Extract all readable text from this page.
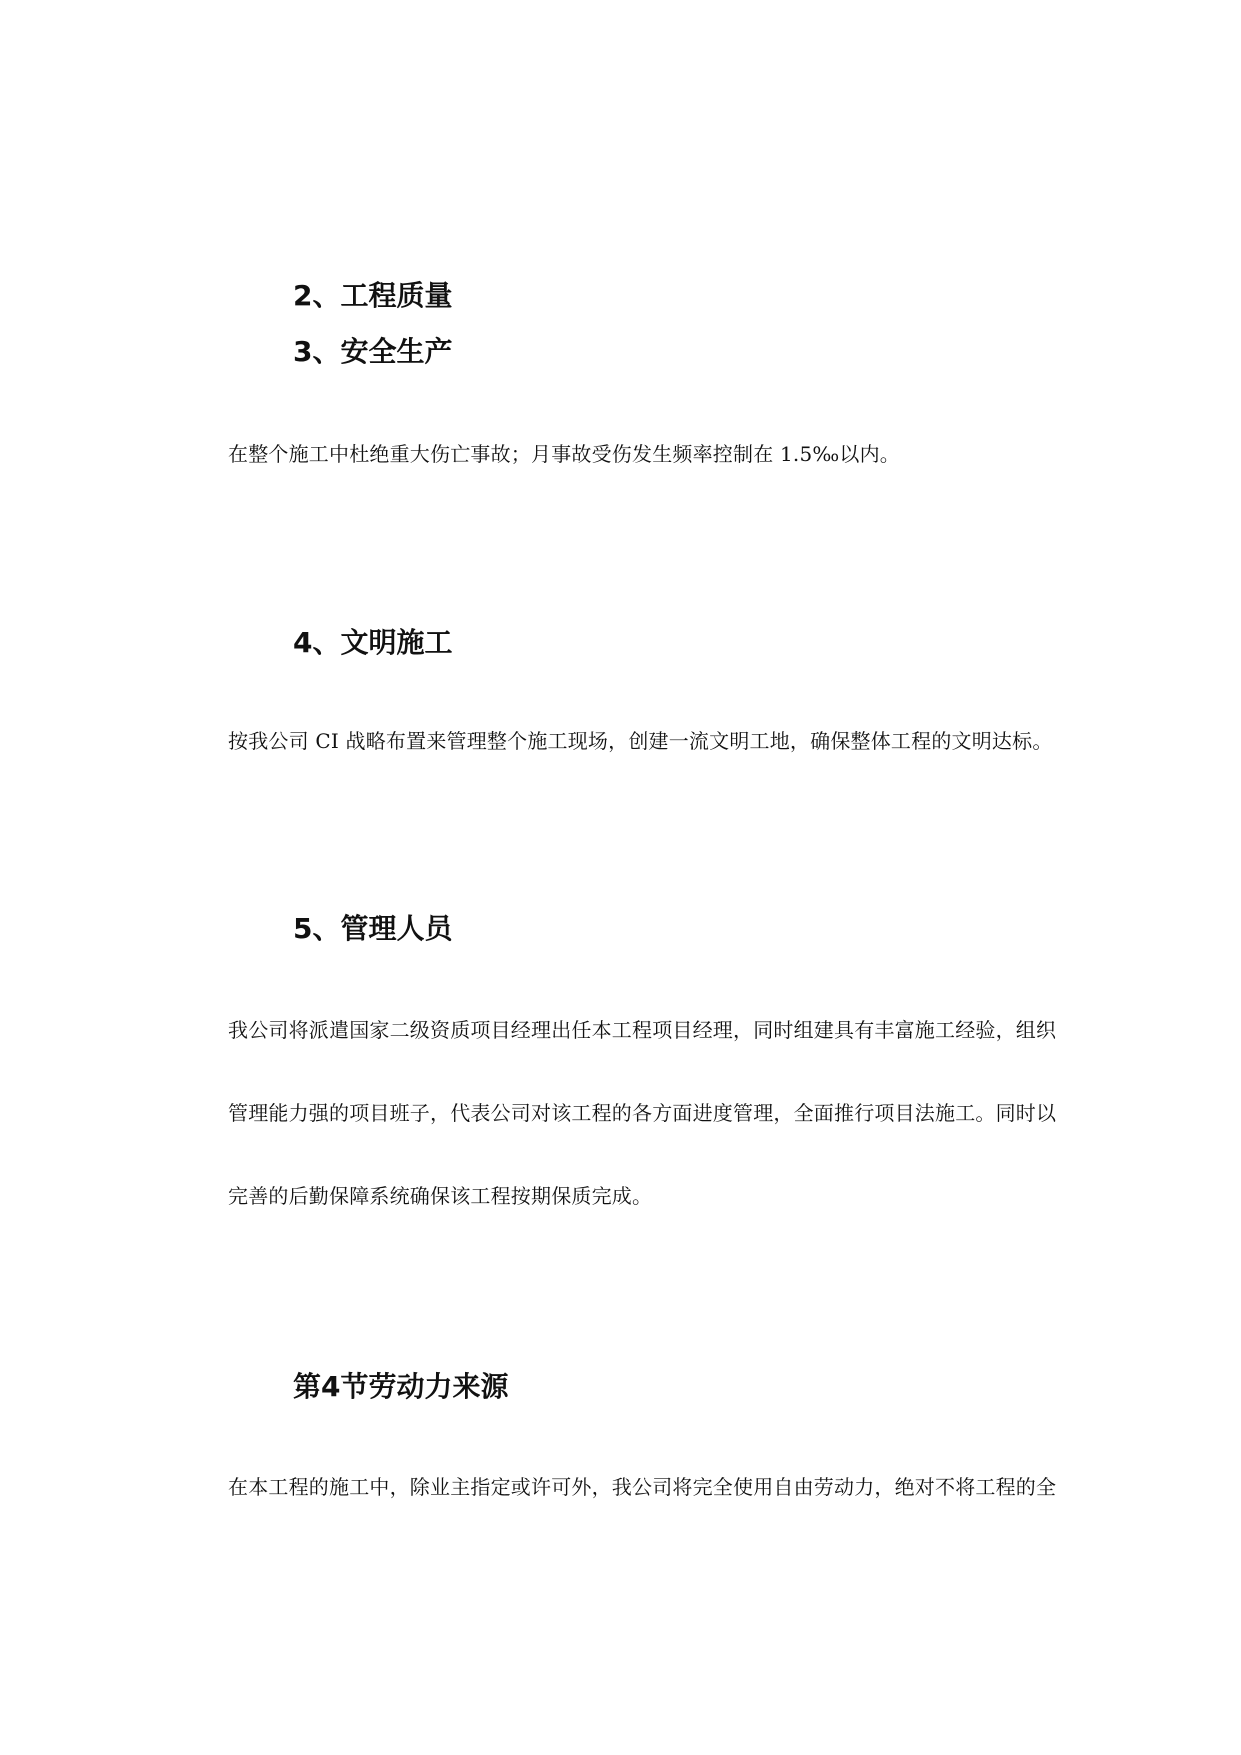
2、工程质量
3、安全生产

在整个施工中杜绝重大伤亡事故；月事故受伤发生频率控制在 1.5‰以内。

4、文明施工

按我公司 CI 战略布置来管理整个施工现场，创建一流文明工地，确保整体工程的文明达标。

5、管理人员

我公司将派遣国家二级资质项目经理出任本工程项目经理，同时组建具有丰富施工经验，组织

管理能力强的项目班子，代表公司对该工程的各方面进度管理，全面推行项目法施工。同时以

完善的后勤保障系统确保该工程按期保质完成。

第4节劳动力来源

在本工程的施工中，除业主指定或许可外，我公司将完全使用自由劳动力，绝对不将工程的全
